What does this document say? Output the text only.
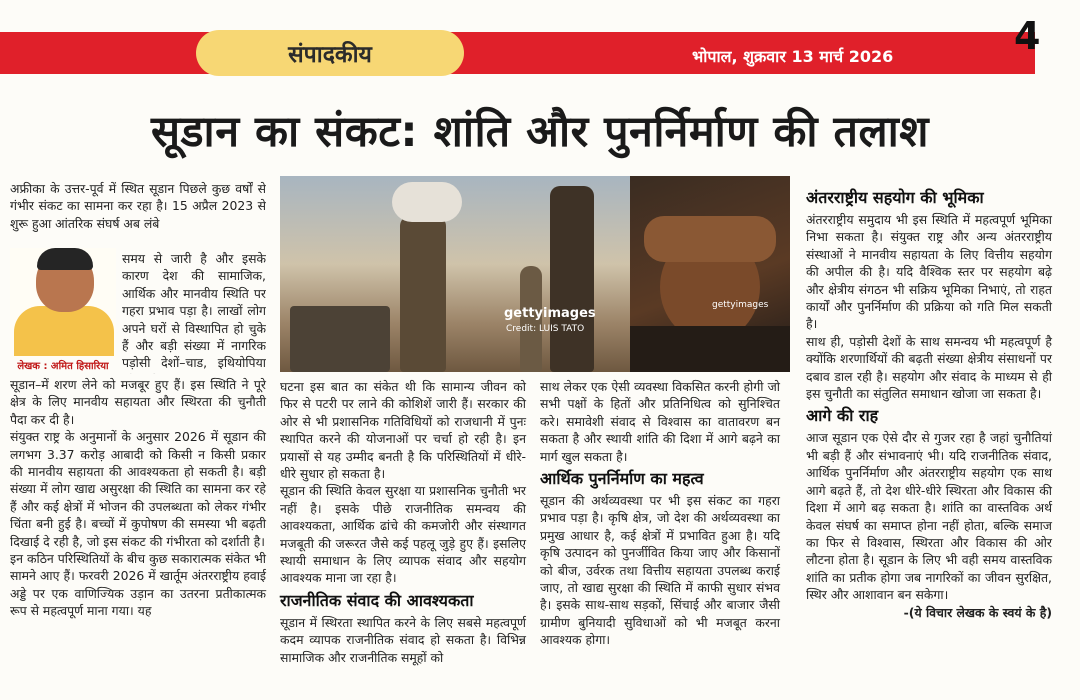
संपादकीय	भोपाल, शुक्रवार 13 मार्च 2026	4
सूडान का संकट: शांति और पुनर्निर्माण की तलाश

अफ्रीका के उत्तर-पूर्व में स्थित सूडान पिछले कुछ वर्षों से गंभीर संकट का सामना कर रहा है। 15 अप्रैल 2023 से शुरू हुआ आंतरिक संघर्ष अब लंबे

लेखक : अमित हिसारिया

समय से जारी है और इसके कारण देश की सामाजिक, आर्थिक और मानवीय स्थिति पर गहरा प्रभाव पड़ा है। लाखों लोग अपने घरों से विस्थापित हो चुके हैं और बड़ी संख्या में नागरिक पड़ोसी देशों–चाड, इथियोपिया

सूडान–में शरण लेने को मजबूर हुए हैं। इस स्थिति ने पूरे क्षेत्र के लिए मानवीय सहायता और स्थिरता की चुनौती पैदा कर दी है।

संयुक्त राष्ट्र के अनुमानों के अनुसार 2026 में सूडान की लगभग 3.37 करोड़ आबादी को किसी न किसी प्रकार की मानवीय सहायता की आवश्यकता हो सकती है। बड़ी संख्या में लोग खाद्य असुरक्षा की स्थिति का सामना कर रहे हैं और कई क्षेत्रों में भोजन की उपलब्धता को लेकर गंभीर चिंता बनी हुई है। बच्चों में कुपोषण की समस्या भी बढ़ती दिखाई दे रही है, जो इस संकट की गंभीरता को दर्शाती है।

इन कठिन परिस्थितियों के बीच कुछ सकारात्मक संकेत भी सामने आए हैं। फरवरी 2026 में खार्तूम अंतरराष्ट्रीय हवाई अड्डे पर एक वाणिज्यिक उड़ान का उतरना प्रतीकात्मक रूप से महत्वपूर्ण माना गया। यह

gettyimages
Credit: LUIS TATO
gettyimages

घटना इस बात का संकेत थी कि सामान्य जीवन को फिर से पटरी पर लाने की कोशिशें जारी हैं। सरकार की ओर से भी प्रशासनिक गतिविधियों को राजधानी में पुनः स्थापित करने की योजनाओं पर चर्चा हो रही है। इन प्रयासों से यह उम्मीद बनती है कि परिस्थितियों में धीरे-धीरे सुधार हो सकता है।

सूडान की स्थिति केवल सुरक्षा या प्रशासनिक चुनौती भर नहीं है। इसके पीछे राजनीतिक समन्वय की आवश्यकता, आर्थिक ढांचे की कमजोरी और संस्थागत मजबूती की जरूरत जैसे कई पहलू जुड़े हुए हैं। इसलिए स्थायी समाधान के लिए व्यापक संवाद और सहयोग आवश्यक माना जा रहा है।

राजनीतिक संवाद की आवश्यकता

सूडान में स्थिरता स्थापित करने के लिए सबसे महत्वपूर्ण कदम व्यापक राजनीतिक संवाद हो सकता है। विभिन्न सामाजिक और राजनीतिक समूहों को

साथ लेकर एक ऐसी व्यवस्था विकसित करनी होगी जो सभी पक्षों के हितों और प्रतिनिधित्व को सुनिश्चित करे। समावेशी संवाद से विश्वास का वातावरण बन सकता है और स्थायी शांति की दिशा में आगे बढ़ने का मार्ग खुल सकता है।

आर्थिक पुनर्निर्माण का महत्व

सूडान की अर्थव्यवस्था पर भी इस संकट का गहरा प्रभाव पड़ा है। कृषि क्षेत्र, जो देश की अर्थव्यवस्था का प्रमुख आधार है, कई क्षेत्रों में प्रभावित हुआ है। यदि कृषि उत्पादन को पुनर्जीवित किया जाए और किसानों को बीज, उर्वरक तथा वित्तीय सहायता उपलब्ध कराई जाए, तो खाद्य सुरक्षा की स्थिति में काफी सुधार संभव है। इसके साथ-साथ सड़कों, सिंचाई और बाजार जैसी ग्रामीण बुनियादी सुविधाओं को भी मजबूत करना आवश्यक होगा।

अंतरराष्ट्रीय सहयोग की भूमिका

अंतरराष्ट्रीय समुदाय भी इस स्थिति में महत्वपूर्ण भूमिका निभा सकता है। संयुक्त राष्ट्र और अन्य अंतरराष्ट्रीय संस्थाओं ने मानवीय सहायता के लिए वित्तीय सहयोग की अपील की है। यदि वैश्विक स्तर पर सहयोग बढ़े और क्षेत्रीय संगठन भी सक्रिय भूमिका निभाएं, तो राहत कार्यों और पुनर्निर्माण की प्रक्रिया को गति मिल सकती है।

साथ ही, पड़ोसी देशों के साथ समन्वय भी महत्वपूर्ण है क्योंकि शरणार्थियों की बढ़ती संख्या क्षेत्रीय संसाधनों पर दबाव डाल रही है। सहयोग और संवाद के माध्यम से ही इस चुनौती का संतुलित समाधान खोजा जा सकता है।

आगे की राह

आज सूडान एक ऐसे दौर से गुजर रहा है जहां चुनौतियां भी बड़ी हैं और संभावनाएं भी। यदि राजनीतिक संवाद, आर्थिक पुनर्निर्माण और अंतरराष्ट्रीय सहयोग एक साथ आगे बढ़ते हैं, तो देश धीरे-धीरे स्थिरता और विकास की दिशा में आगे बढ़ सकता है। शांति का वास्तविक अर्थ केवल संघर्ष का समाप्त होना नहीं होता, बल्कि समाज का फिर से विश्वास, स्थिरता और विकास की ओर लौटना होता है। सूडान के लिए भी वही समय वास्तविक शांति का प्रतीक होगा जब नागरिकों का जीवन सुरक्षित, स्थिर और आशावान बन सकेगा।

-(ये विचार लेखक के स्वयं के है)
